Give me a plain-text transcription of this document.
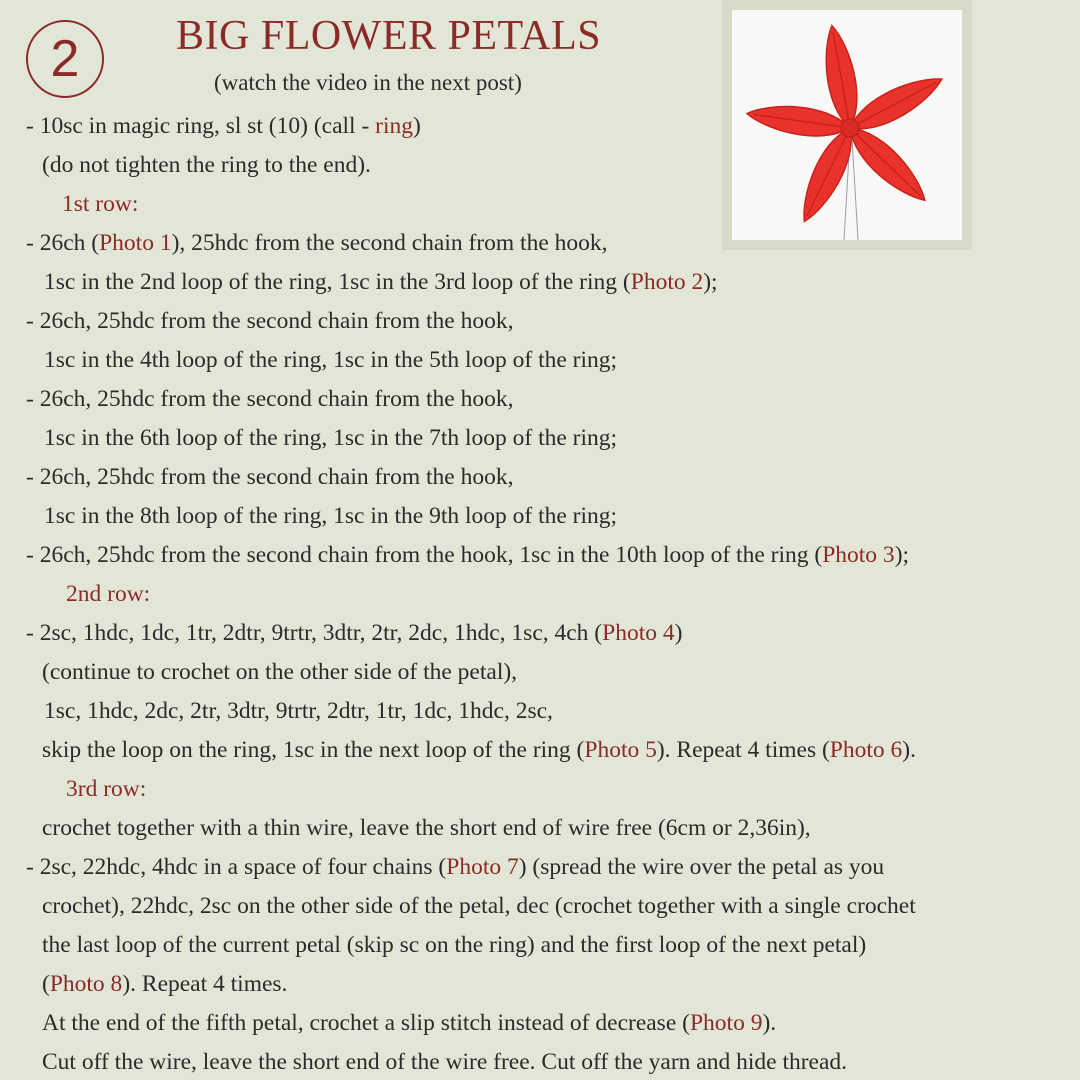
2	BIG FLOWER PETALS
(watch the video in the next post)
- 10sc in magic ring, sl st (10) (call - ring)
(do not tighten the ring to the end).
1st row:
- 26ch (Photo 1), 25hdc from the second chain from the hook,
1sc in the 2nd loop of the ring, 1sc in the 3rd loop of the ring (Photo 2);
- 26ch, 25hdc from the second chain from the hook,
1sc in the 4th loop of the ring, 1sc in the 5th loop of the ring;
- 26ch, 25hdc from the second chain from the hook,
1sc in the 6th loop of the ring, 1sc in the 7th loop of the ring;
- 26ch, 25hdc from the second chain from the hook,
1sc in the 8th loop of the ring, 1sc in the 9th loop of the ring;
- 26ch, 25hdc from the second chain from the hook, 1sc in the 10th loop of the ring (Photo 3);
2nd row:
- 2sc, 1hdc, 1dc, 1tr, 2dtr, 9trtr, 3dtr, 2tr, 2dc, 1hdc, 1sc, 4ch (Photo 4)
(continue to crochet on the other side of the petal),
1sc, 1hdc, 2dc, 2tr, 3dtr, 9trtr, 2dtr, 1tr, 1dc, 1hdc, 2sc,
skip the loop on the ring, 1sc in the next loop of the ring (Photo 5). Repeat 4 times (Photo 6).
3rd row:
crochet together with a thin wire, leave the short end of wire free (6cm or 2,36in),
- 2sc, 22hdc, 4hdc in a space of four chains (Photo 7) (spread the wire over the petal as you
crochet), 22hdc, 2sc on the other side of the petal, dec (crochet together with a single crochet
the last loop of the current petal (skip sc on the ring) and the first loop of the next petal)
(Photo 8). Repeat 4 times.
At the end of the fifth petal, crochet a slip stitch instead of decrease (Photo 9).
Cut off the wire, leave the short end of the wire free. Cut off the yarn and hide thread.
